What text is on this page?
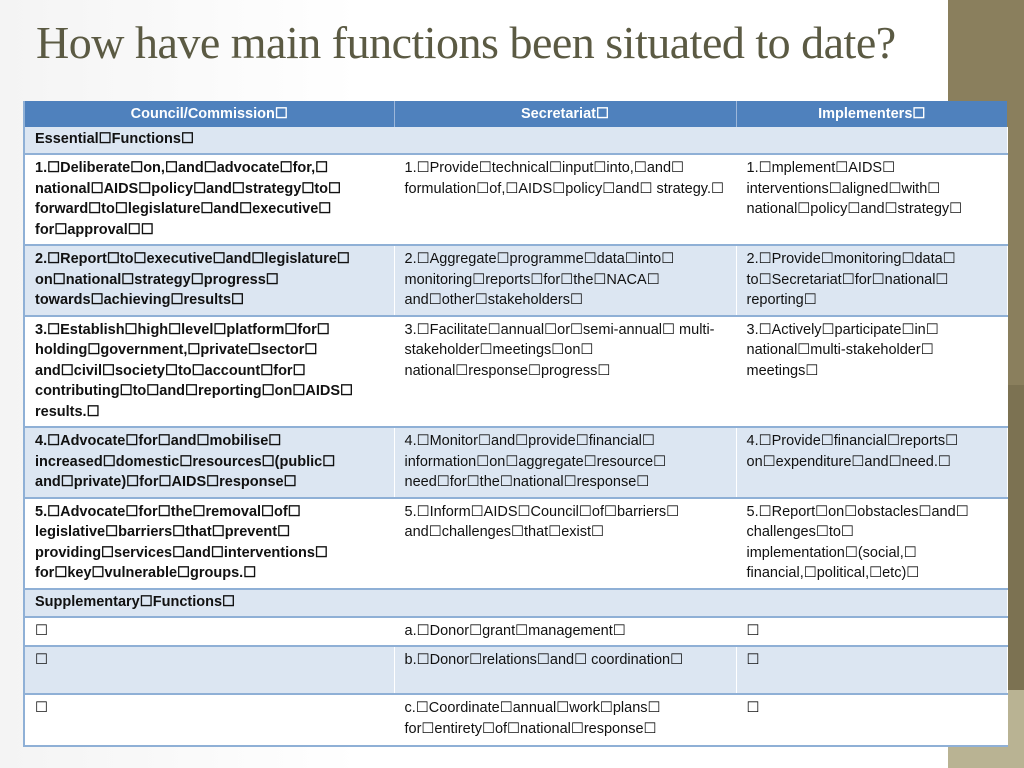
How have main functions been situated to date?
Council/Commission☐	Secretariat☐	Implementers☐
Essential☐Functions☐		
1.☐Deliberate☐on,☐and☐advocate☐for,☐ national☐AIDS☐policy☐and☐strategy☐to☐ forward☐to☐legislature☐and☐executive☐ for☐approval☐☐	1.☐Provide☐technical☐input☐into,☐and☐ formulation☐of,☐AIDS☐policy☐and☐ strategy.☐	1.☐mplement☐AIDS☐ interventions☐aligned☐with☐ national☐policy☐and☐strategy☐
2.☐Report☐to☐executive☐and☐legislature☐ on☐national☐strategy☐progress☐ towards☐achieving☐results☐	2.☐Aggregate☐programme☐data☐into☐ monitoring☐reports☐for☐the☐NACA☐ and☐other☐stakeholders☐	2.☐Provide☐monitoring☐data☐ to☐Secretariat☐for☐national☐ reporting☐
3.☐Establish☐high☐level☐platform☐for☐ holding☐government,☐private☐sector☐ and☐civil☐society☐to☐account☐for☐ contributing☐to☐and☐reporting☐on☐AIDS☐ results.☐	3.☐Facilitate☐annual☐or☐semi-annual☐ multi-stakeholder☐meetings☐on☐ national☐response☐progress☐	3.☐Actively☐participate☐in☐ national☐multi-stakeholder☐ meetings☐
4.☐Advocate☐for☐and☐mobilise☐ increased☐domestic☐resources☐(public☐ and☐private)☐for☐AIDS☐response☐	4.☐Monitor☐and☐provide☐financial☐ information☐on☐aggregate☐resource☐ need☐for☐the☐national☐response☐	4.☐Provide☐financial☐reports☐ on☐expenditure☐and☐need.☐
5.☐Advocate☐for☐the☐removal☐of☐ legislative☐barriers☐that☐prevent☐ providing☐services☐and☐interventions☐ for☐key☐vulnerable☐groups.☐	5.☐Inform☐AIDS☐Council☐of☐barriers☐ and☐challenges☐that☐exist☐	5.☐Report☐on☐obstacles☐and☐ challenges☐to☐ implementation☐(social,☐ financial,☐political,☐etc)☐
Supplementary☐Functions☐		
☐	a.☐Donor☐grant☐management☐	☐
☐	b.☐Donor☐relations☐and☐ coordination☐	☐
☐	c.☐Coordinate☐annual☐work☐plans☐ for☐entirety☐of☐national☐response☐	☐
